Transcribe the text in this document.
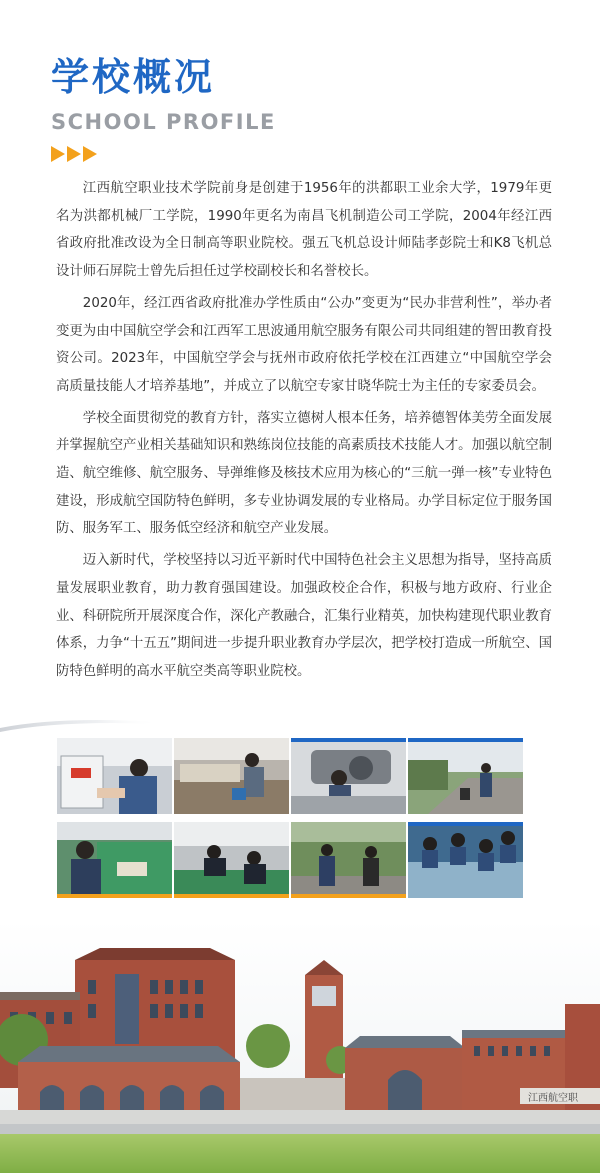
学校概况
SCHOOL PROFILE

江西航空职业技术学院前身是创建于1956年的洪都职工业余大学，1979年更名为洪都机械厂工学院，1990年更名为南昌飞机制造公司工学院，2004年经江西省政府批准改设为全日制高等职业院校。强五飞机总设计师陆孝彭院士和K8飞机总设计师石屏院士曾先后担任过学校副校长和名誉校长。

2020年，经江西省政府批准办学性质由“公办”变更为“民办非营利性”，举办者变更为由中国航空学会和江西军工思波通用航空服务有限公司共同组建的智田教育投资公司。2023年，中国航空学会与抚州市政府依托学校在江西建立“中国航空学会高质量技能人才培养基地”，并成立了以航空专家甘晓华院士为主任的专家委员会。

学校全面贯彻党的教育方针，落实立德树人根本任务，培养德智体美劳全面发展并掌握航空产业相关基础知识和熟练岗位技能的高素质技术技能人才。加强以航空制造、航空维修、航空服务、导弹维修及核技术应用为核心的“三航一弹一核”专业特色建设，形成航空国防特色鲜明，多专业协调发展的专业格局。办学目标定位于服务国防、服务军工、服务低空经济和航空产业发展。

迈入新时代，学校坚持以习近平新时代中国特色社会主义思想为指导，坚持高质量发展职业教育，助力教育强国建设。加强政校企合作，积极与地方政府、行业企业、科研院所开展深度合作，深化产教融合，汇集行业精英，加快构建现代职业教育体系，力争“十五五”期间进一步提升职业教育办学层次，把学校打造成一所航空、国防特色鲜明的高水平航空类高等职业院校。

江西航空职
